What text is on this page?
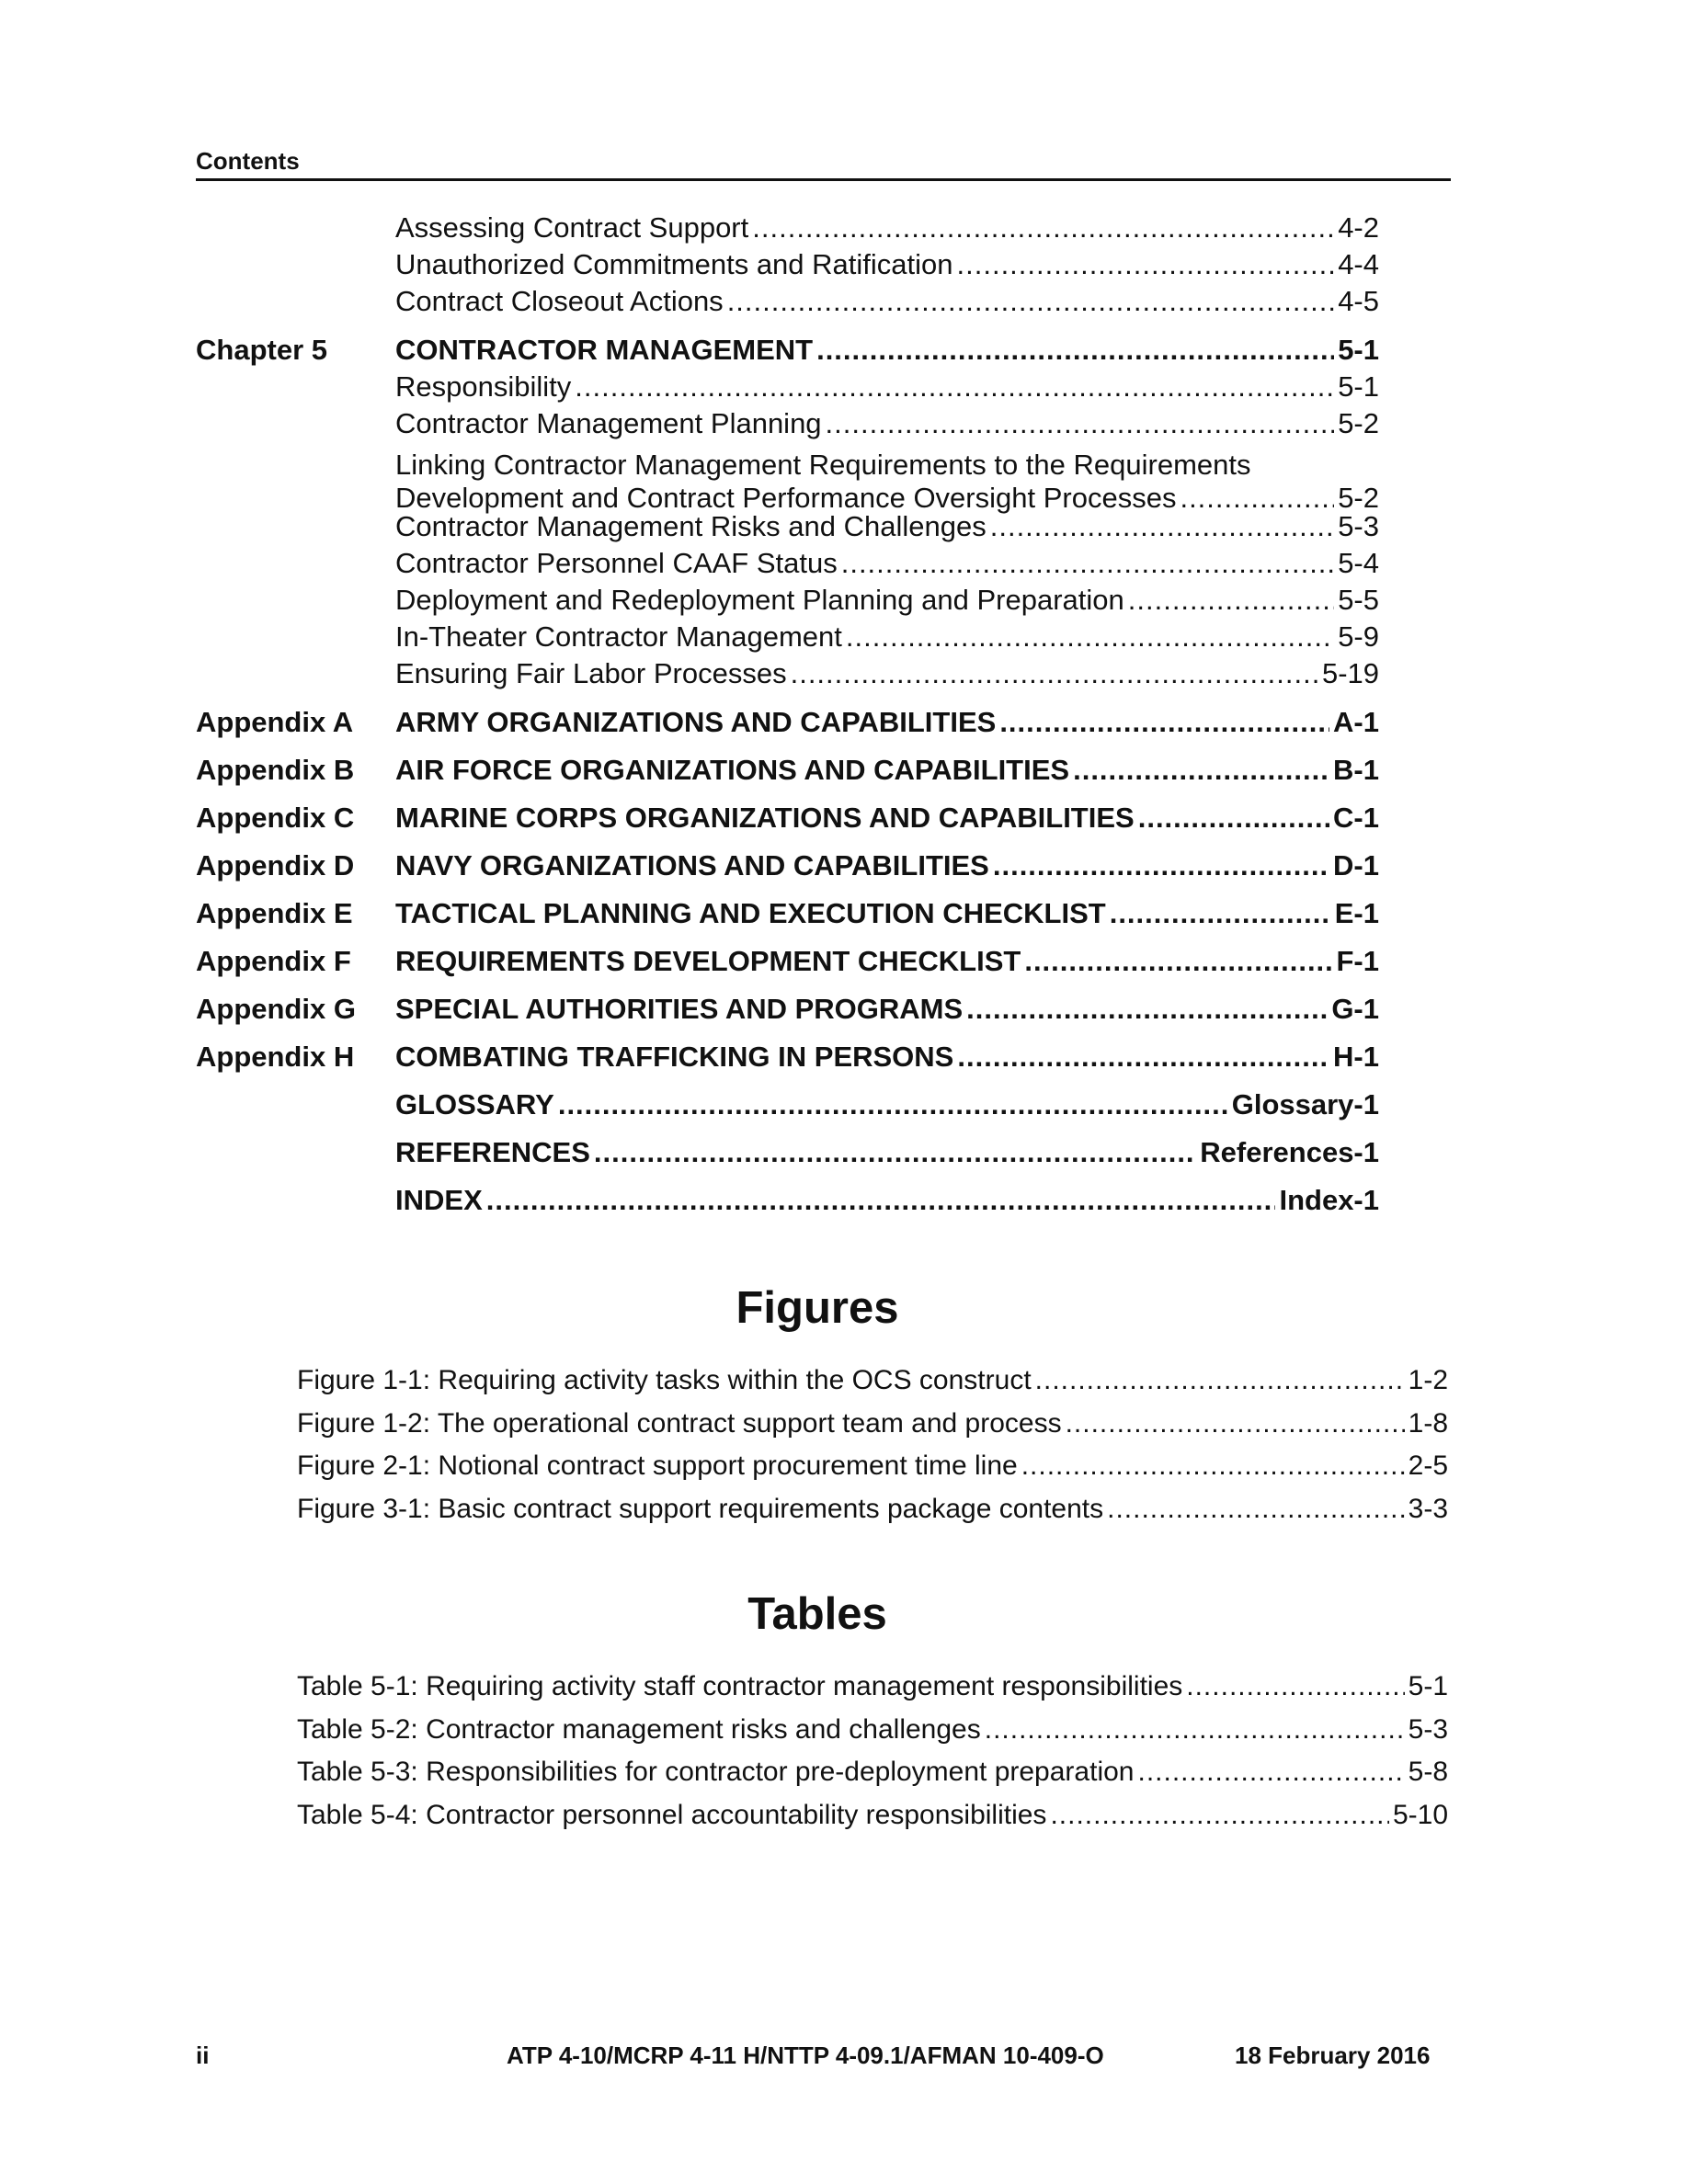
Contents
Assessing Contract Support .....	4-2
Unauthorized Commitments and Ratification .....	4-4
Contract Closeout Actions .....	4-5
Chapter 5	CONTRACTOR MANAGEMENT .....	5-1
Responsibility .....	5-1
Contractor Management Planning .....	5-2
Linking Contractor Management Requirements to the Requirements
Development and Contract Performance Oversight Processes .....	5-2
Contractor Management Risks and Challenges .....	5-3
Contractor Personnel CAAF Status .....	5-4
Deployment and Redeployment Planning and Preparation .....	5-5
In-Theater Contractor Management .....	5-9
Ensuring Fair Labor Processes .....	5-19
Appendix A	ARMY ORGANIZATIONS AND CAPABILITIES .....	A-1
Appendix B	AIR FORCE ORGANIZATIONS AND CAPABILITIES .....	B-1
Appendix C	MARINE CORPS ORGANIZATIONS AND CAPABILITIES .....	C-1
Appendix D	NAVY ORGANIZATIONS AND CAPABILITIES .....	D-1
Appendix E	TACTICAL PLANNING AND EXECUTION CHECKLIST .....	E-1
Appendix F	REQUIREMENTS DEVELOPMENT CHECKLIST .....	F-1
Appendix G	SPECIAL AUTHORITIES AND PROGRAMS .....	G-1
Appendix H	COMBATING TRAFFICKING IN PERSONS .....	H-1
GLOSSARY .....	Glossary-1
REFERENCES .....	References-1
INDEX .....	Index-1
Figures
Figure 1-1: Requiring activity tasks within the OCS construct .....	1-2
Figure 1-2: The operational contract support team and process .....	1-8
Figure 2-1: Notional contract support procurement time line .....	2-5
Figure 3-1: Basic contract support requirements package contents .....	3-3
Tables
Table 5-1: Requiring activity staff contractor management responsibilities .....	5-1
Table 5-2: Contractor management risks and challenges .....	5-3
Table 5-3: Responsibilities for contractor pre-deployment preparation .....	5-8
Table 5-4: Contractor personnel accountability responsibilities .....	5-10
ii	ATP 4-10/MCRP 4-11 H/NTTP 4-09.1/AFMAN 10-409-O	18 February 2016
